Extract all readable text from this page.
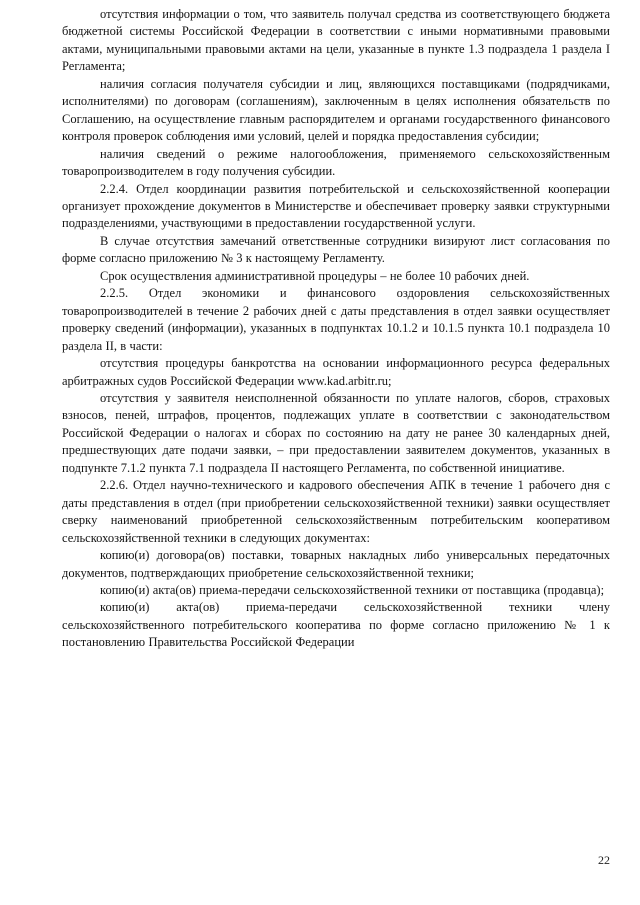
отсутствия информации о том, что заявитель получал средства из соответствующего бюджета бюджетной системы Российской Федерации в соответствии с иными нормативными правовыми актами, муниципальными правовыми актами на цели, указанные в пункте 1.3 подраздела 1 раздела I Регламента;

наличия согласия получателя субсидии и лиц, являющихся поставщиками (подрядчиками, исполнителями) по договорам (соглашениям), заключенным в целях исполнения обязательств по Соглашению, на осуществление главным распорядителем и органами государственного финансового контроля проверок соблюдения ими условий, целей и порядка предоставления субсидии;

наличия сведений о режиме налогообложения, применяемого сельскохозяйственным товаропроизводителем в году получения субсидии.

2.2.4. Отдел координации развития потребительской и сельскохозяйственной кооперации организует прохождение документов в Министерстве и обеспечивает проверку заявки структурными подразделениями, участвующими в предоставлении государственной услуги.

В случае отсутствия замечаний ответственные сотрудники визируют лист согласования по форме согласно приложению № 3 к настоящему Регламенту.

Срок осуществления административной процедуры – не более 10 рабочих дней.

2.2.5. Отдел экономики и финансового оздоровления сельскохозяйственных товаропроизводителей в течение 2 рабочих дней с даты представления в отдел заявки осуществляет проверку сведений (информации), указанных в подпунктах 10.1.2 и 10.1.5 пункта 10.1 подраздела 10 раздела II, в части:

отсутствия процедуры банкротства на основании информационного ресурса федеральных арбитражных судов Российской Федерации www.kad.arbitr.ru;

отсутствия у заявителя неисполненной обязанности по уплате налогов, сборов, страховых взносов, пеней, штрафов, процентов, подлежащих уплате в соответствии с законодательством Российской Федерации о налогах и сборах по состоянию на дату не ранее 30 календарных дней, предшествующих дате подачи заявки, – при предоставлении заявителем документов, указанных в подпункте 7.1.2 пункта 7.1 подраздела II настоящего Регламента, по собственной инициативе.

2.2.6. Отдел научно-технического и кадрового обеспечения АПК в течение 1 рабочего дня с даты представления в отдел (при приобретении сельскохозяйственной техники) заявки осуществляет сверку наименований приобретенной сельскохозяйственным потребительским кооперативом сельскохозяйственной техники в следующих документах:

копию(и) договора(ов) поставки, товарных накладных либо универсальных передаточных документов, подтверждающих приобретение сельскохозяйственной техники;

копию(и) акта(ов) приема-передачи сельскохозяйственной техники от поставщика (продавца);

копию(и) акта(ов) приема-передачи сельскохозяйственной техники члену сельскохозяйственного потребительского кооператива по форме согласно приложению № 1 к постановлению Правительства Российской Федерации

22
